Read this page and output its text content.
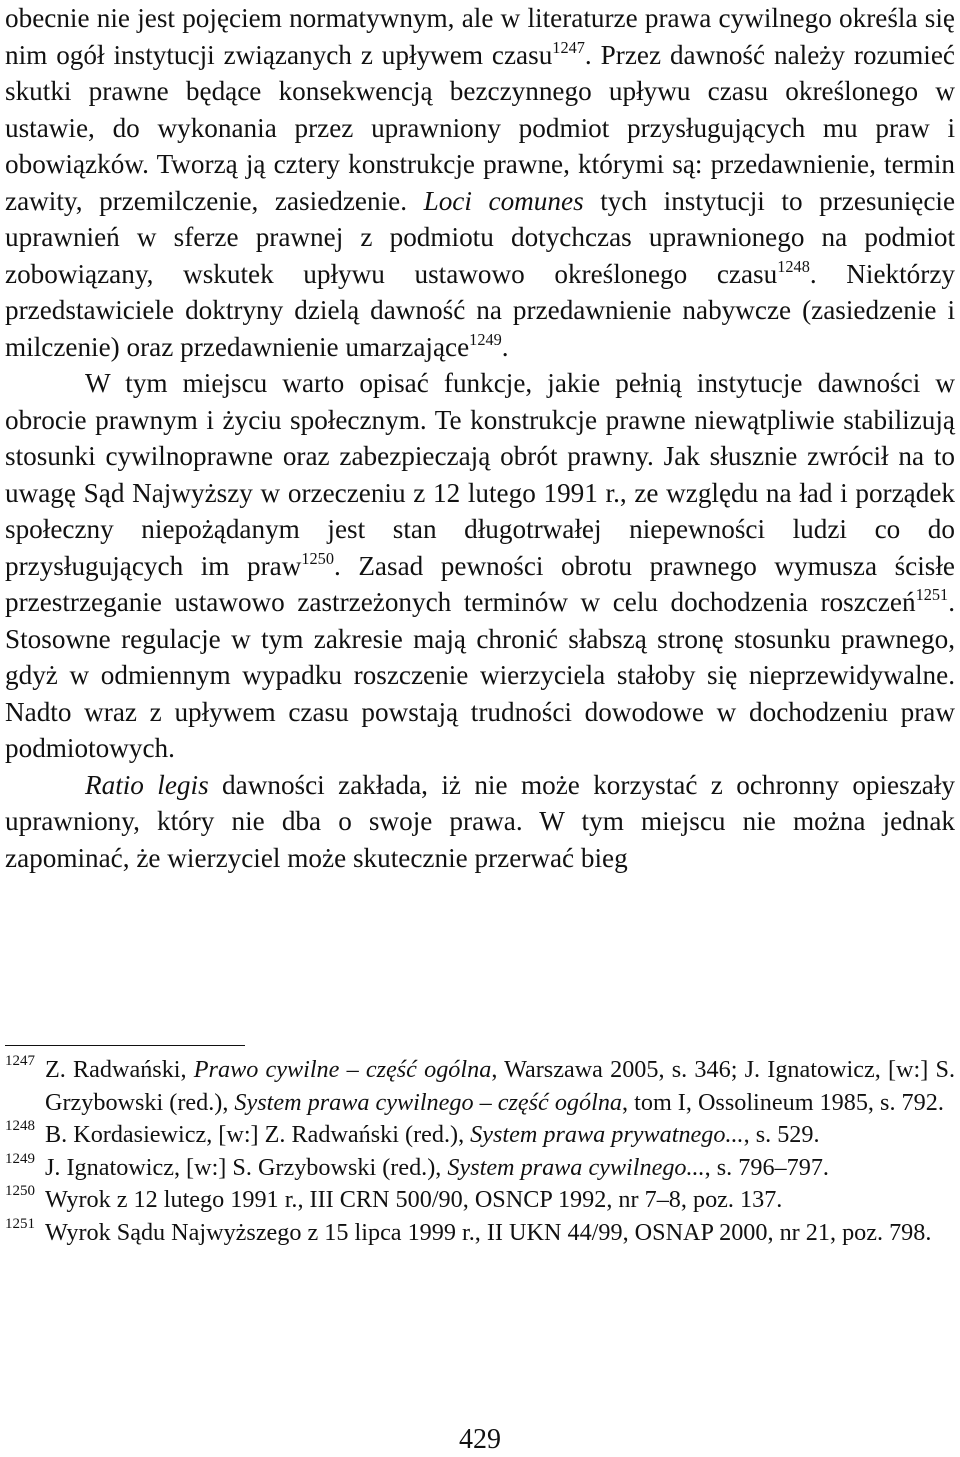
obecnie nie jest pojęciem normatywnym, ale w literaturze prawa cywilnego określa się nim ogół instytucji związanych z upływem czasu$^{1247}$. Przez dawność należy rozumieć skutki prawne będące konsekwencją bezczynnego upływu czasu określonego w ustawie, do wykonania przez uprawniony podmiot przysługujących mu praw i obowiązków. Tworzą ją cztery konstrukcje prawne, którymi są: przedawnienie, termin zawity, przemilczenie, zasiedzenie. Loci comunes tych instytucji to przesunięcie uprawnień w sferze prawnej z podmiotu dotychczas uprawnionego na podmiot zobowiązany, wskutek upływu ustawowo określonego czasu$^{1248}$. Niektórzy przedstawiciele doktryny dzielą dawność na przedawnienie nabywcze (zasiedzenie i milczenie) oraz przedawnienie umarzające$^{1249}$.

W tym miejscu warto opisać funkcje, jakie pełnią instytucje dawności w obrocie prawnym i życiu społecznym. Te konstrukcje prawne niewątpliwie stabilizują stosunki cywilnoprawne oraz zabezpieczają obrót prawny. Jak słusznie zwrócił na to uwagę Sąd Najwyższy w orzeczeniu z 12 lutego 1991 r., ze względu na ład i porządek społeczny niepożądanym jest stan długotrwałej niepewności ludzi co do przysługujących im praw$^{1250}$. Zasad pewności obrotu prawnego wymusza ścisłe przestrzeganie ustawowo zastrzeżonych terminów w celu dochodzenia roszczeń$^{1251}$. Stosowne regulacje w tym zakresie mają chronić słabszą stronę stosunku prawnego, gdyż w odmiennym wypadku roszczenie wierzyciela stałoby się nieprzewidywalne. Nadto wraz z upływem czasu powstają trudności dowodowe w dochodzeniu praw podmiotowych.

Ratio legis dawności zakłada, iż nie może korzystać z ochronny opieszały uprawniony, który nie dba o swoje prawa. W tym miejscu nie można jednak zapominać, że wierzyciel może skutecznie przerwać bieg

1247 Z. Radwański, Prawo cywilne – część ogólna, Warszawa 2005, s. 346; J. Ignatowicz, [w:] S. Grzybowski (red.), System prawa cywilnego – część ogólna, tom I, Ossolineum 1985, s. 792.
1248 B. Kordasiewicz, [w:] Z. Radwański (red.), System prawa prywatnego..., s. 529.
1249 J. Ignatowicz, [w:] S. Grzybowski (red.), System prawa cywilnego..., s. 796–797.
1250 Wyrok z 12 lutego 1991 r., III CRN 500/90, OSNCP 1992, nr 7–8, poz. 137.
1251 Wyrok Sądu Najwyższego z 15 lipca 1999 r., II UKN 44/99, OSNAP 2000, nr 21, poz. 798.
429
